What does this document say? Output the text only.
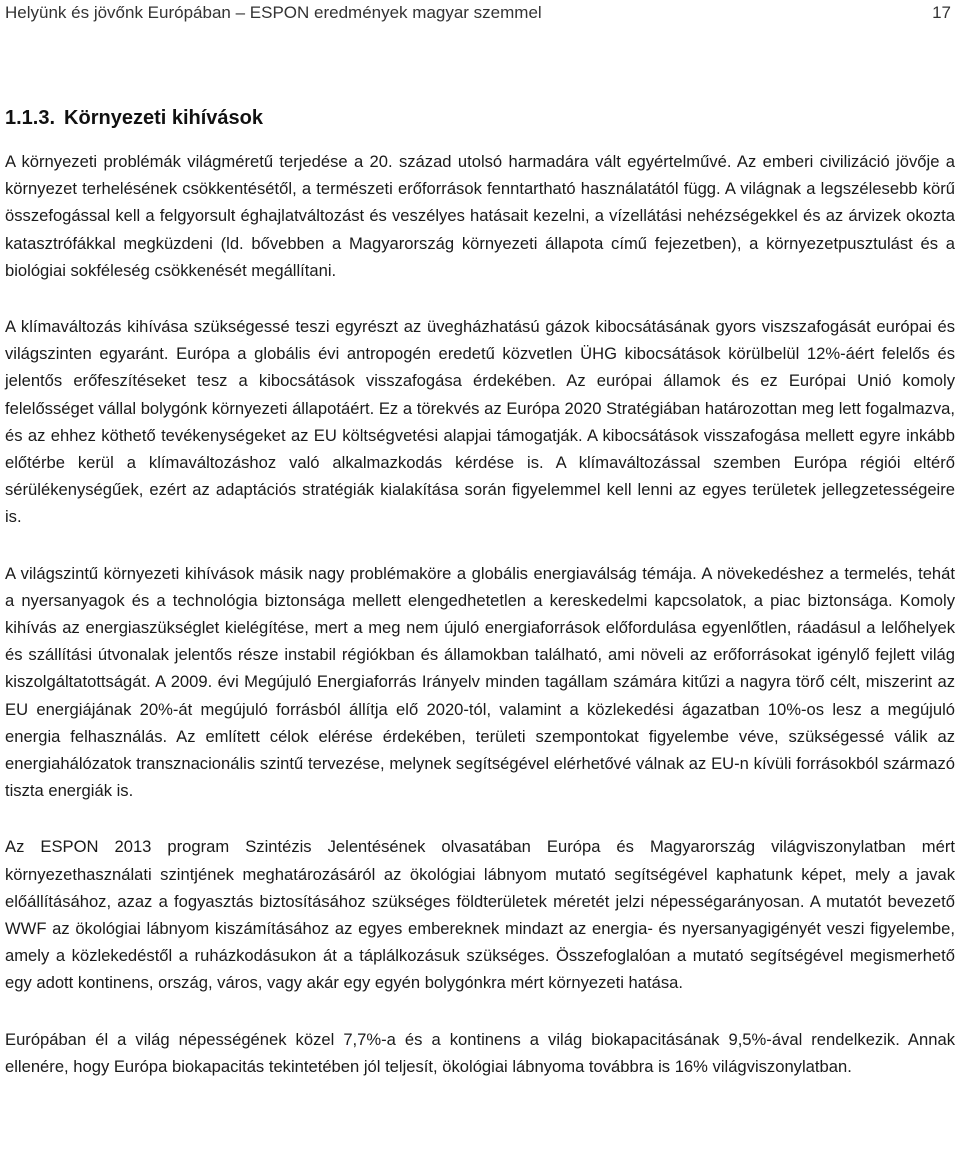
Helyünk és jövőnk Európában – ESPON eredmények magyar szemmel	17
1.1.3. Környezeti kihívások

A környezeti problémák világméretű terjedése a 20. század utolsó harmadára vált egyértelművé. Az emberi civilizáció jövője a környezet terhelésének csökkentésétől, a természeti erőforrások fenntartható használatától függ. A világnak a legszélesebb körű összefogással kell a felgyorsult éghajlatváltozást és veszélyes hatásait kezelni, a vízellátási nehézségekkel és az árvizek okozta katasztrófákkal megküzdeni (ld. bővebben a Magyarország környezeti állapota című fejezetben), a környezetpusztulást és a biológiai sokféleség csökkenését megállítani.

A klímaváltozás kihívása szükségessé teszi egyrészt az üvegházhatású gázok kibocsátásának gyors viszszafogását európai és világszinten egyaránt. Európa a globális évi antropogén eredetű közvetlen ÜHG kibocsátások körülbelül 12%-áért felelős és jelentős erőfeszítéseket tesz a kibocsátások visszafogása érdekében. Az európai államok és ez Európai Unió komoly felelősséget vállal bolygónk környezeti állapotáért. Ez a törekvés az Európa 2020 Stratégiában határozottan meg lett fogalmazva, és az ehhez köthető tevékenységeket az EU költségvetési alapjai támogatják. A kibocsátások visszafogása mellett egyre inkább előtérbe kerül a klímaváltozáshoz való alkalmazkodás kérdése is. A klímaváltozással szemben Európa régiói eltérő sérülékenységűek, ezért az adaptációs stratégiák kialakítása során figyelemmel kell lenni az egyes területek jellegzetességeire is.

A világszintű környezeti kihívások másik nagy problémaköre a globális energiaválság témája. A növekedéshez a termelés, tehát a nyersanyagok és a technológia biztonsága mellett elengedhetetlen a kereskedelmi kapcsolatok, a piac biztonsága. Komoly kihívás az energiaszükséglet kielégítése, mert a meg nem újuló energiaforrások előfordulása egyenlőtlen, ráadásul a lelőhelyek és szállítási útvonalak jelentős része instabil régiókban és államokban található, ami növeli az erőforrásokat igénylő fejlett világ kiszolgáltatottságát. A 2009. évi Megújuló Energiaforrás Irányelv minden tagállam számára kitűzi a nagyra törő célt, miszerint az EU energiájának 20%-át megújuló forrásból állítja elő 2020-tól, valamint a közlekedési ágazatban 10%-os lesz a megújuló energia felhasználás. Az említett célok elérése érdekében, területi szempontokat figyelembe véve, szükségessé válik az energiahálózatok transznacionális szintű tervezése, melynek segítségével elérhetővé válnak az EU-n kívüli forrásokból származó tiszta energiák is.

Az ESPON 2013 program Szintézis Jelentésének olvasatában Európa és Magyarország világviszonylatban mért környezethasználati szintjének meghatározásáról az ökológiai lábnyom mutató segítségével kaphatunk képet, mely a javak előállításához, azaz a fogyasztás biztosításához szükséges földterületek méretét jelzi népességarányosan. A mutatót bevezető WWF az ökológiai lábnyom kiszámításához az egyes embereknek mindazt az energia- és nyersanyagigényét veszi figyelembe, amely a közlekedéstől a ruházkodásukon át a táplálkozásuk szükséges. Összefoglalóan a mutató segítségével megismerhető egy adott kontinens, ország, város, vagy akár egy egyén bolygónkra mért környezeti hatása.

Európában él a világ népességének közel 7,7%-a és a kontinens a világ biokapacitásának 9,5%-ával rendelkezik. Annak ellenére, hogy Európa biokapacitás tekintetében jól teljesít, ökológiai lábnyoma továbbra is 16% világviszonylatban.
